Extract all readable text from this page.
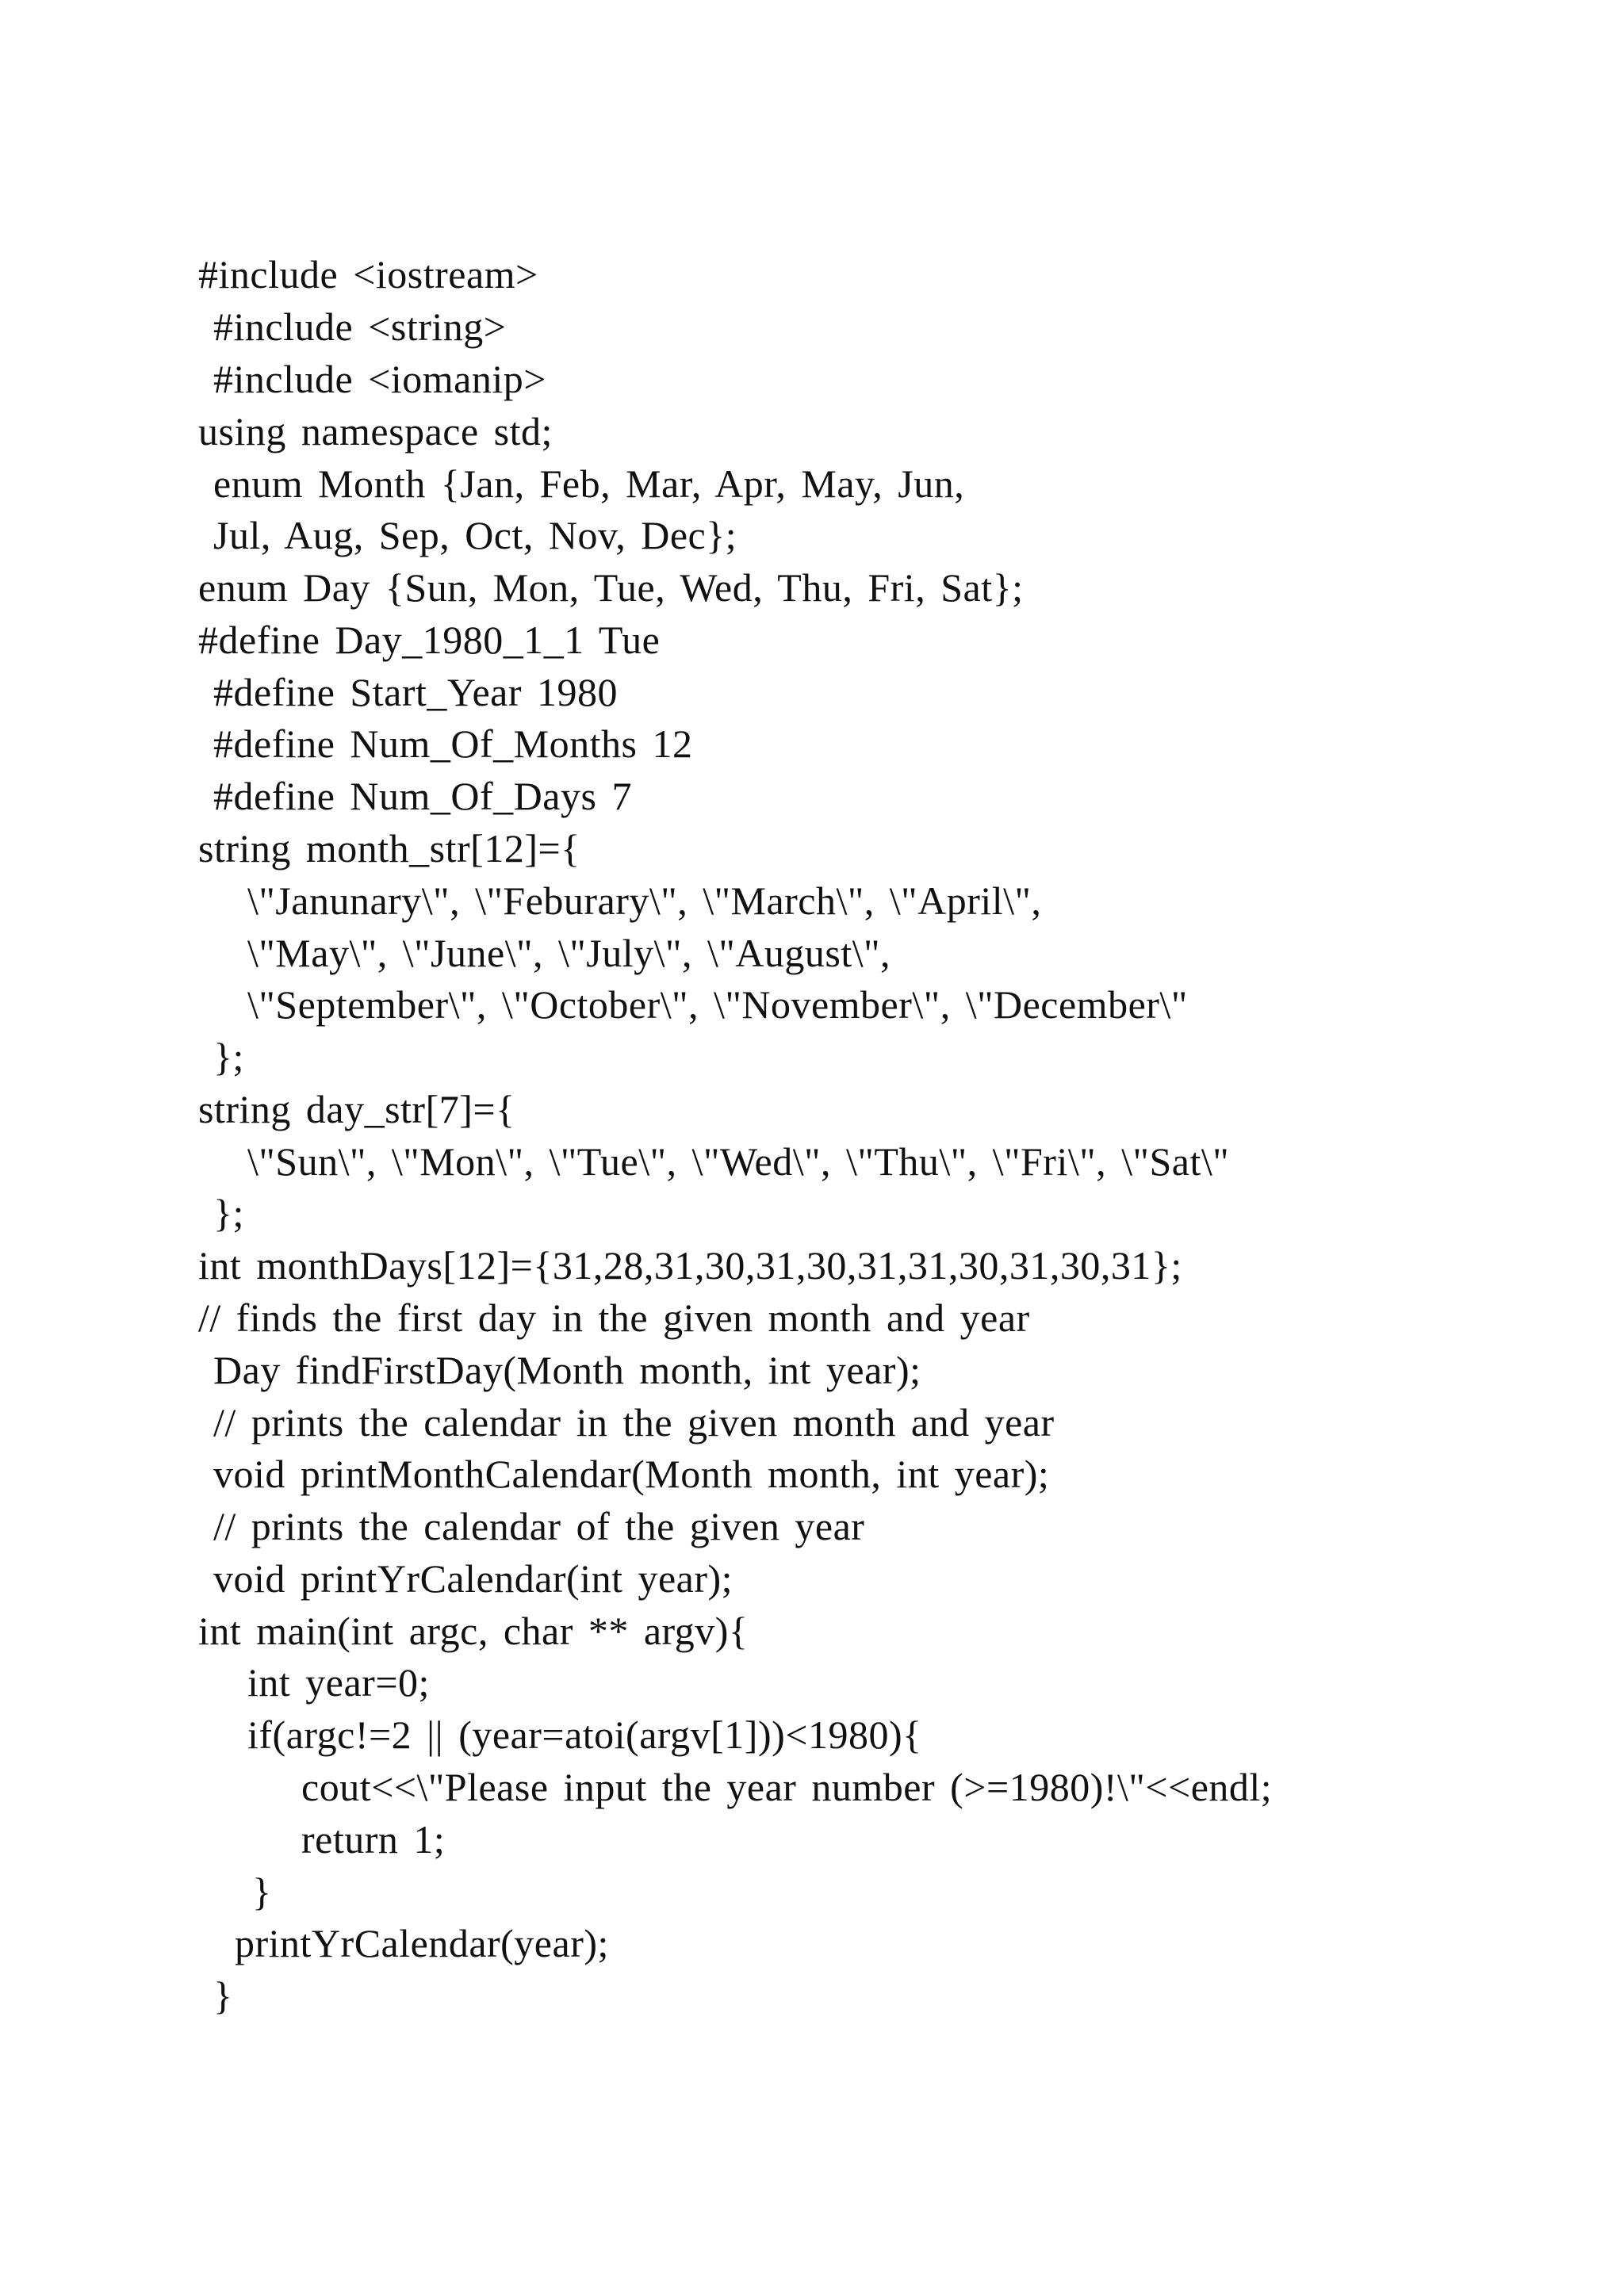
#include <iostream>
#include <string>
#include <iomanip>
using namespace std;
enum Month {Jan, Feb, Mar, Apr, May, Jun,
Jul, Aug, Sep, Oct, Nov, Dec};
enum Day {Sun, Mon, Tue, Wed, Thu, Fri, Sat};
#define Day_1980_1_1 Tue
#define Start_Year 1980
#define Num_Of_Months 12
#define Num_Of_Days 7
string month_str[12]={
\"Janunary\", \"Feburary\", \"March\", \"April\",
\"May\", \"June\", \"July\", \"August\",
\"September\", \"October\", \"November\", \"December\"
};
string day_str[7]={
\"Sun\", \"Mon\", \"Tue\", \"Wed\", \"Thu\", \"Fri\", \"Sat\"
};
int monthDays[12]={31,28,31,30,31,30,31,31,30,31,30,31};
// finds the first day in the given month and year
Day findFirstDay(Month month, int year);
// prints the calendar in the given month and year
void printMonthCalendar(Month month, int year);
// prints the calendar of the given year
void printYrCalendar(int year);
int main(int argc, char ** argv){
int year=0;
if(argc!=2 || (year=atoi(argv[1]))<1980){
cout<<\"Please input the year number (>=1980)!\"<<endl;
return 1;
}
printYrCalendar(year);
}
